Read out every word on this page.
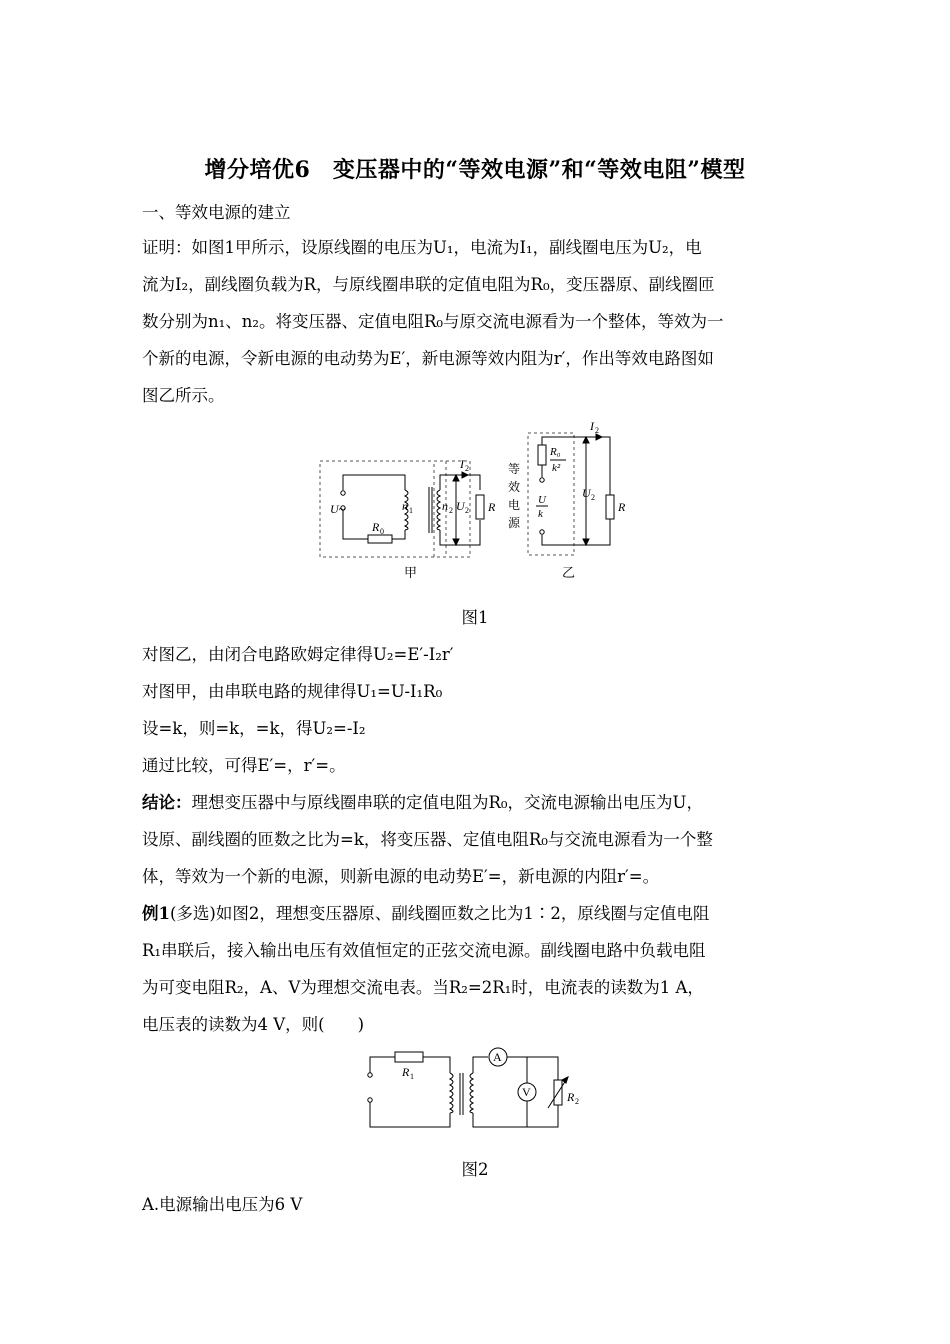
增分培优6　变压器中的“等效电源”和“等效电阻”模型
一、等效电源的建立
证明：如图1甲所示，设原线圈的电压为U₁，电流为I₁，副线圈电压为U₂，电
流为I₂，副线圈负载为R，与原线圈串联的定值电阻为R₀，变压器原、副线圈匝
数分别为n₁、n₂。将变压器、定值电阻R₀与原交流电源看为一个整体，等效为一
个新的电源，令新电源的电动势为E′，新电源等效内阻为r′，作出等效电路图如
图乙所示。
U~
R 0
n 1 n 2 U 2
I 2
R
甲
等
效
电
源
R₀
k²
U
k
I 2
U 2
R
乙
图1
对图乙，由闭合电路欧姆定律得U₂=E′-I₂r′
对图甲，由串联电路的规律得U₁=U-I₁R₀
设=k，则=k，=k，得U₂=-I₂
通过比较，可得E′=，r′=。
结论：理想变压器中与原线圈串联的定值电阻为R₀，交流电源输出电压为U，
设原、副线圈的匝数之比为=k，将变压器、定值电阻R₀与交流电源看为一个整
体，等效为一个新的电源，则新电源的电动势E′=，新电源的内阻r′=。
例1(多选)如图2，理想变压器原、副线圈匝数之比为1∶2，原线圈与定值电阻
R₁串联后，接入输出电压有效值恒定的正弦交流电源。副线圈电路中负载电阻
为可变电阻R₂，A、V为理想交流电表。当R₂=2R₁时，电流表的读数为1 A，
电压表的读数为4 V，则(　　)
R 1
A
V	R 2
图2
A.电源输出电压为6 V
